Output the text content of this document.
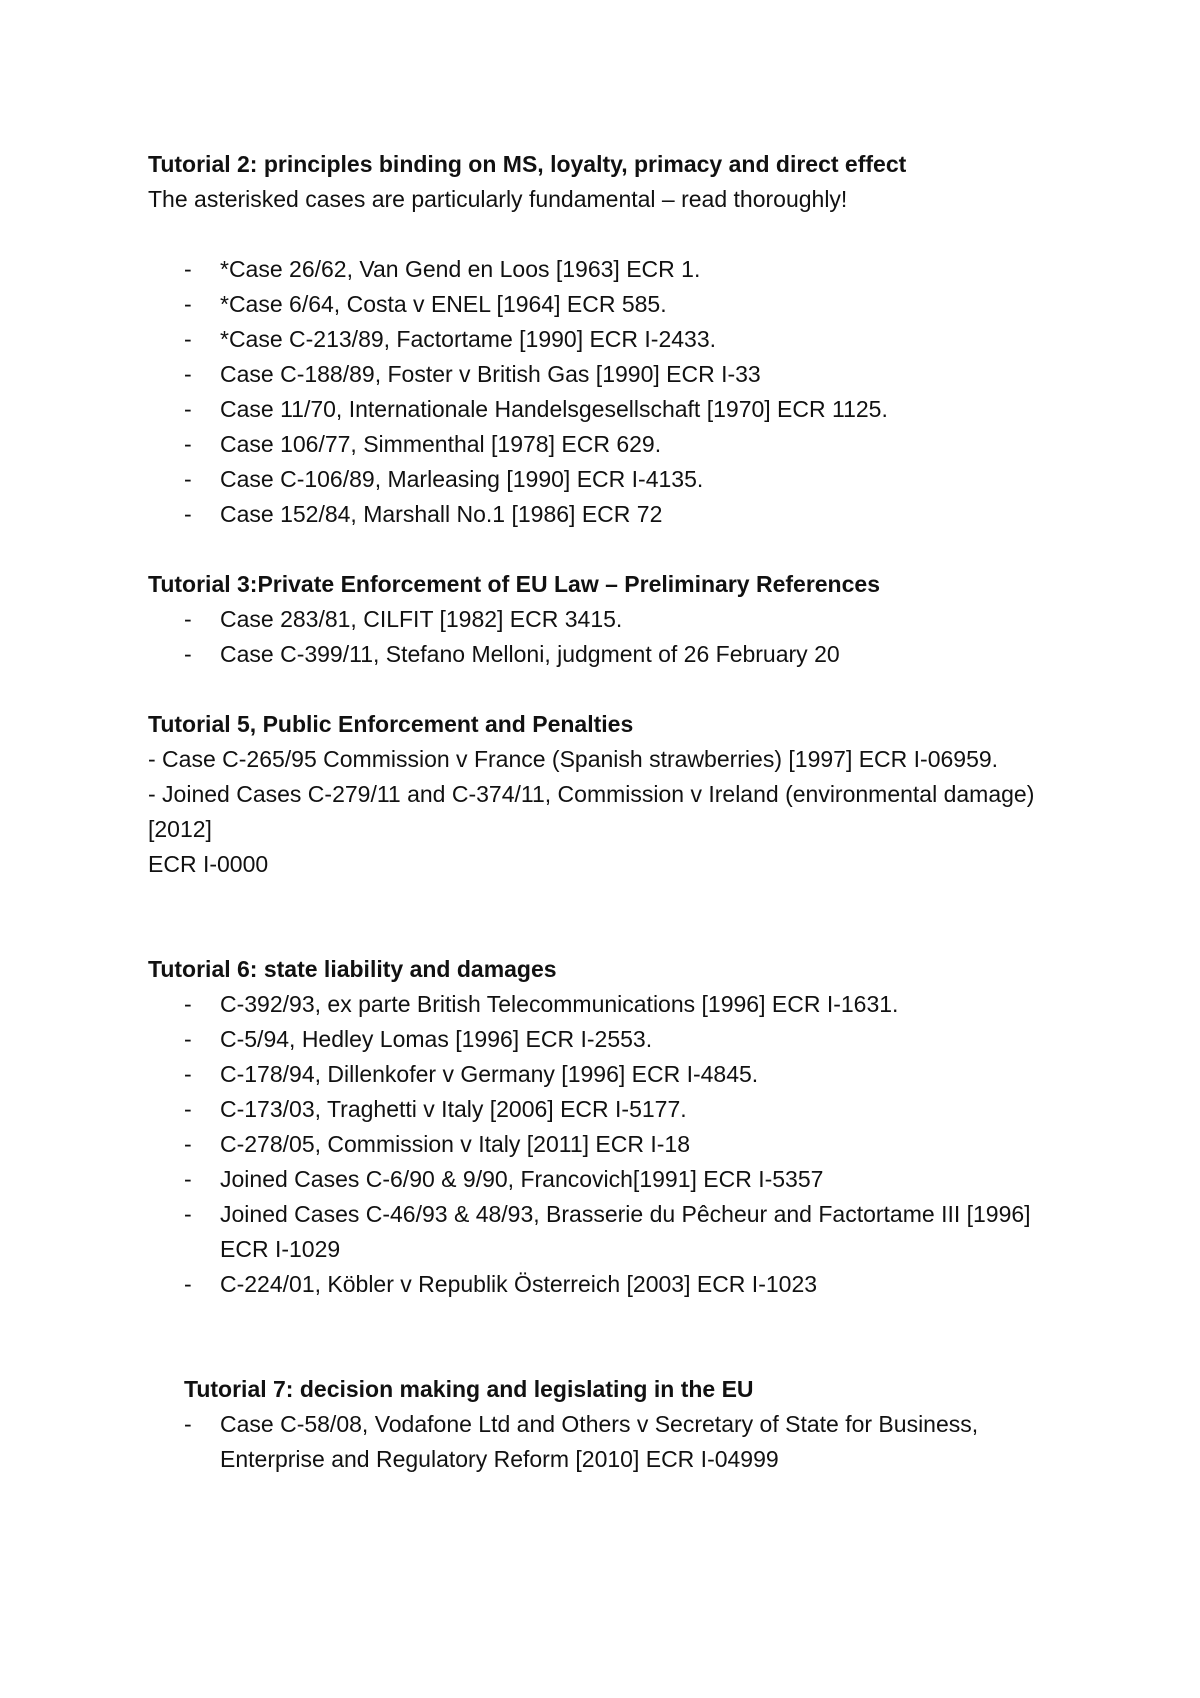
Tutorial 2: principles binding on MS, loyalty, primacy and direct effect

The asterisked cases are particularly fundamental – read thoroughly!

- *Case 26/62, Van Gend en Loos [1963] ECR 1.
- *Case 6/64, Costa v ENEL [1964] ECR 585.
- *Case C-213/89, Factortame [1990] ECR I-2433.
- Case C-188/89, Foster v British Gas [1990] ECR I-33
- Case 11/70, Internationale Handelsgesellschaft [1970] ECR 1125.
- Case 106/77, Simmenthal [1978] ECR 629.
- Case C-106/89, Marleasing [1990] ECR I-4135.
- Case 152/84, Marshall No.1 [1986] ECR 72

Tutorial 3:Private Enforcement of EU Law – Preliminary References

- Case 283/81, CILFIT [1982] ECR 3415.
- Case C-399/11, Stefano Melloni, judgment of 26 February 20

Tutorial 5, Public Enforcement and Penalties

- Case C-265/95 Commission v France (Spanish strawberries) [1997] ECR I-06959.

- Joined Cases C-279/11 and C-374/11, Commission v Ireland (environmental damage) [2012]

ECR I-0000

Tutorial 6: state liability and damages

- C-392/93, ex parte British Telecommunications [1996] ECR I-1631.
- C-5/94, Hedley Lomas [1996] ECR I-2553.
- C-178/94, Dillenkofer v Germany [1996] ECR I-4845.
- C-173/03, Traghetti v Italy [2006] ECR I-5177.
- C-278/05, Commission v Italy [2011] ECR I-18
- Joined Cases C-6/90 & 9/90, Francovich[1991] ECR I-5357
- Joined Cases C-46/93 & 48/93, Brasserie du Pêcheur and Factortame III [1996] ECR I-1029
- C-224/01, Köbler v Republik Österreich [2003] ECR I-1023

Tutorial 7: decision making and legislating in the EU

- Case C-58/08, Vodafone Ltd and Others v Secretary of State for Business, Enterprise and Regulatory Reform [2010] ECR I-04999
